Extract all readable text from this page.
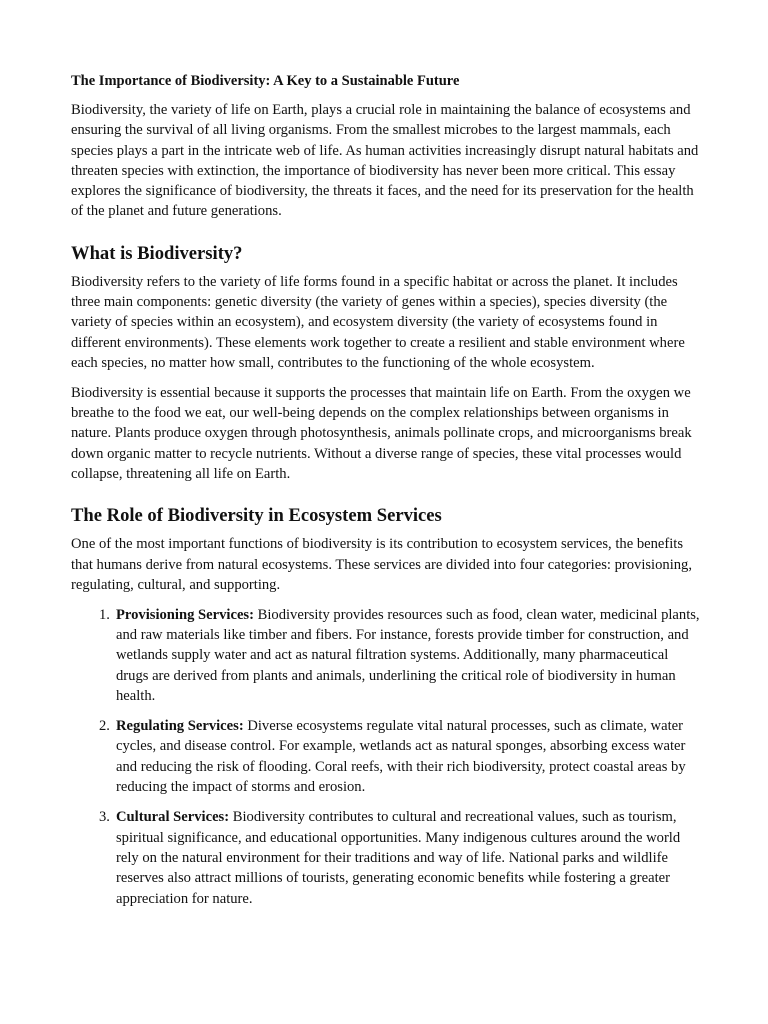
The Importance of Biodiversity: A Key to a Sustainable Future

Biodiversity, the variety of life on Earth, plays a crucial role in maintaining the balance of ecosystems and ensuring the survival of all living organisms. From the smallest microbes to the largest mammals, each species plays a part in the intricate web of life. As human activities increasingly disrupt natural habitats and threaten species with extinction, the importance of biodiversity has never been more critical. This essay explores the significance of biodiversity, the threats it faces, and the need for its preservation for the health of the planet and future generations.

What is Biodiversity?

Biodiversity refers to the variety of life forms found in a specific habitat or across the planet. It includes three main components: genetic diversity (the variety of genes within a species), species diversity (the variety of species within an ecosystem), and ecosystem diversity (the variety of ecosystems found in different environments). These elements work together to create a resilient and stable environment where each species, no matter how small, contributes to the functioning of the whole ecosystem.

Biodiversity is essential because it supports the processes that maintain life on Earth. From the oxygen we breathe to the food we eat, our well-being depends on the complex relationships between organisms in nature. Plants produce oxygen through photosynthesis, animals pollinate crops, and microorganisms break down organic matter to recycle nutrients. Without a diverse range of species, these vital processes would collapse, threatening all life on Earth.

The Role of Biodiversity in Ecosystem Services

One of the most important functions of biodiversity is its contribution to ecosystem services, the benefits that humans derive from natural ecosystems. These services are divided into four categories: provisioning, regulating, cultural, and supporting.

1. Provisioning Services: Biodiversity provides resources such as food, clean water, medicinal plants, and raw materials like timber and fibers. For instance, forests provide timber for construction, and wetlands supply water and act as natural filtration systems. Additionally, many pharmaceutical drugs are derived from plants and animals, underlining the critical role of biodiversity in human health.
2. Regulating Services: Diverse ecosystems regulate vital natural processes, such as climate, water cycles, and disease control. For example, wetlands act as natural sponges, absorbing excess water and reducing the risk of flooding. Coral reefs, with their rich biodiversity, protect coastal areas by reducing the impact of storms and erosion.
3. Cultural Services: Biodiversity contributes to cultural and recreational values, such as tourism, spiritual significance, and educational opportunities. Many indigenous cultures around the world rely on the natural environment for their traditions and way of life. National parks and wildlife reserves also attract millions of tourists, generating economic benefits while fostering a greater appreciation for nature.
